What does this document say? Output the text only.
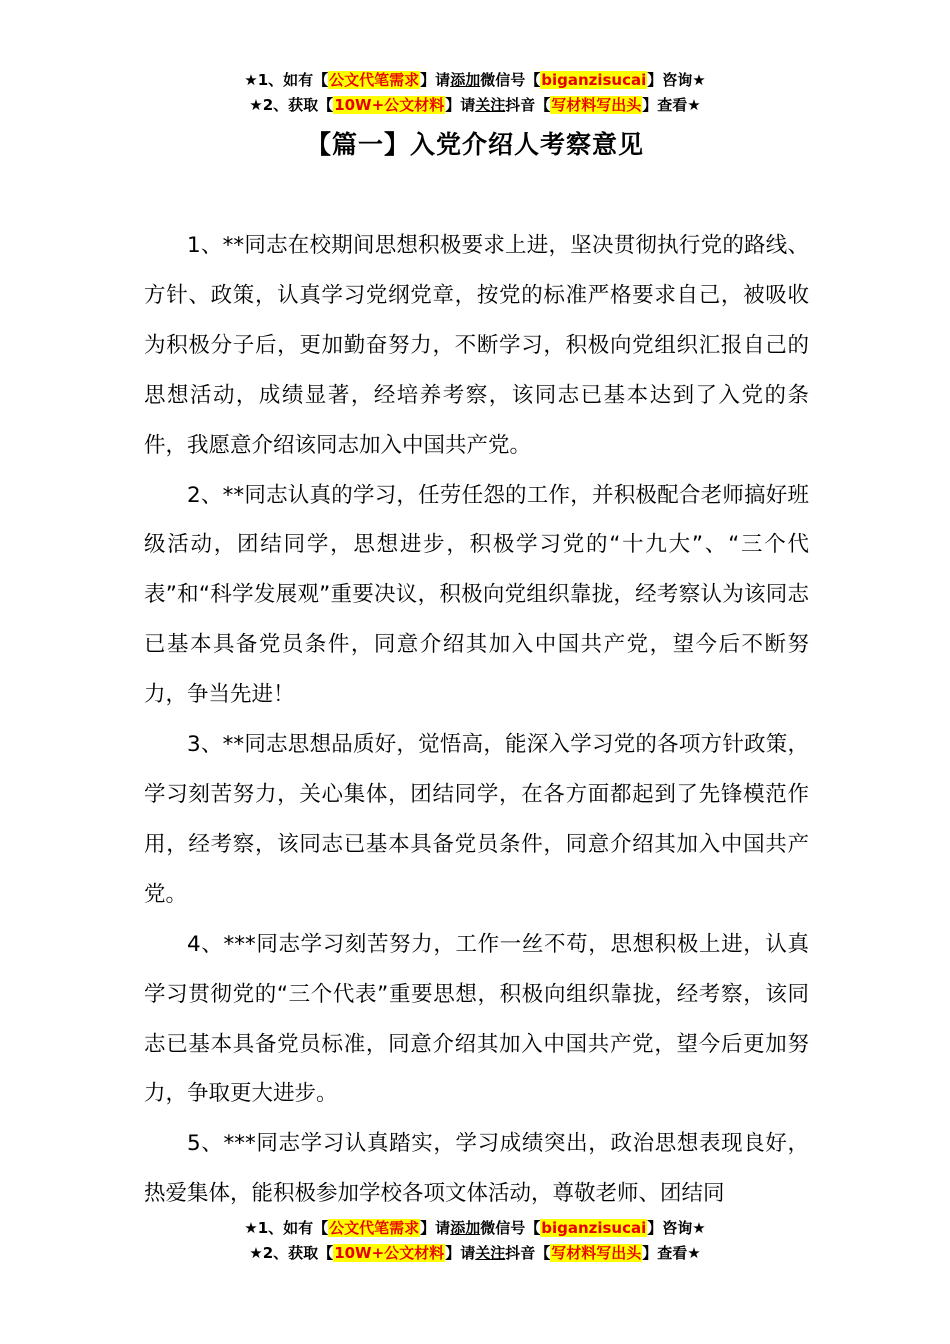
★1、如有【公文代笔需求】请添加微信号【biganzisucai】咨询★
★2、获取【10W+公文材料】请关注抖音【写材料写出头】查看★
【篇一】入党介绍人考察意见

1、**同志在校期间思想积极要求上进，坚决贯彻执行党的路线、方针、政策，认真学习党纲党章，按党的标准严格要求自己，被吸收为积极分子后，更加勤奋努力，不断学习，积极向党组织汇报自己的思想活动，成绩显著，经培养考察，该同志已基本达到了入党的条件，我愿意介绍该同志加入中国共产党。

2、**同志认真的学习，任劳任怨的工作，并积极配合老师搞好班级活动，团结同学，思想进步，积极学习党的“十九大”、“三个代表”和“科学发展观”重要决议，积极向党组织靠拢，经考察认为该同志已基本具备党员条件，同意介绍其加入中国共产党，望今后不断努力，争当先进！

3、**同志思想品质好，觉悟高，能深入学习党的各项方针政策，学习刻苦努力，关心集体，团结同学，在各方面都起到了先锋模范作用，经考察，该同志已基本具备党员条件，同意介绍其加入中国共产党。

4、***同志学习刻苦努力，工作一丝不苟，思想积极上进，认真学习贯彻党的“三个代表”重要思想，积极向组织靠拢，经考察，该同志已基本具备党员标准，同意介绍其加入中国共产党，望今后更加努力，争取更大进步。

5、***同志学习认真踏实，学习成绩突出，政治思想表现良好，热爱集体，能积极参加学校各项文体活动，尊敬老师、团结同

★1、如有【公文代笔需求】请添加微信号【biganzisucai】咨询★
★2、获取【10W+公文材料】请关注抖音【写材料写出头】查看★
